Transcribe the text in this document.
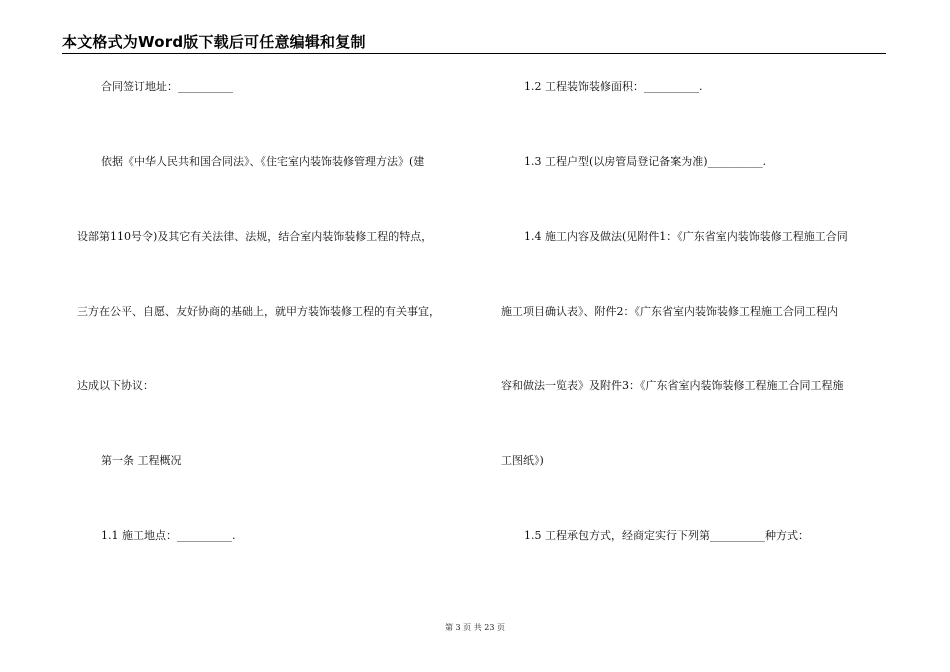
本文格式为Word版下载后可任意编辑和复制
合同签订地址：__________
依据《中华人民共和国合同法》、《住宅室内装饰装修管理方法》(建
设部第110号令)及其它有关法律、法规，结合室内装饰装修工程的特点，
三方在公平、自愿、友好协商的基础上，就甲方装饰装修工程的有关事宜，
达成以下协议：
第一条 工程概况
1.1 施工地点：__________.
1.2 工程装饰装修面积：__________.
1.3 工程户型(以房管局登记备案为准)__________.
1.4 施工内容及做法(见附件1：《广东省室内装饰装修工程施工合同
施工项目确认表》、附件2：《广东省室内装饰装修工程施工合同工程内
容和做法一览表》及附件3：《广东省室内装饰装修工程施工合同工程施
工图纸》)
1.5 工程承包方式，经商定实行下列第__________种方式：
第 3 页 共 23 页
